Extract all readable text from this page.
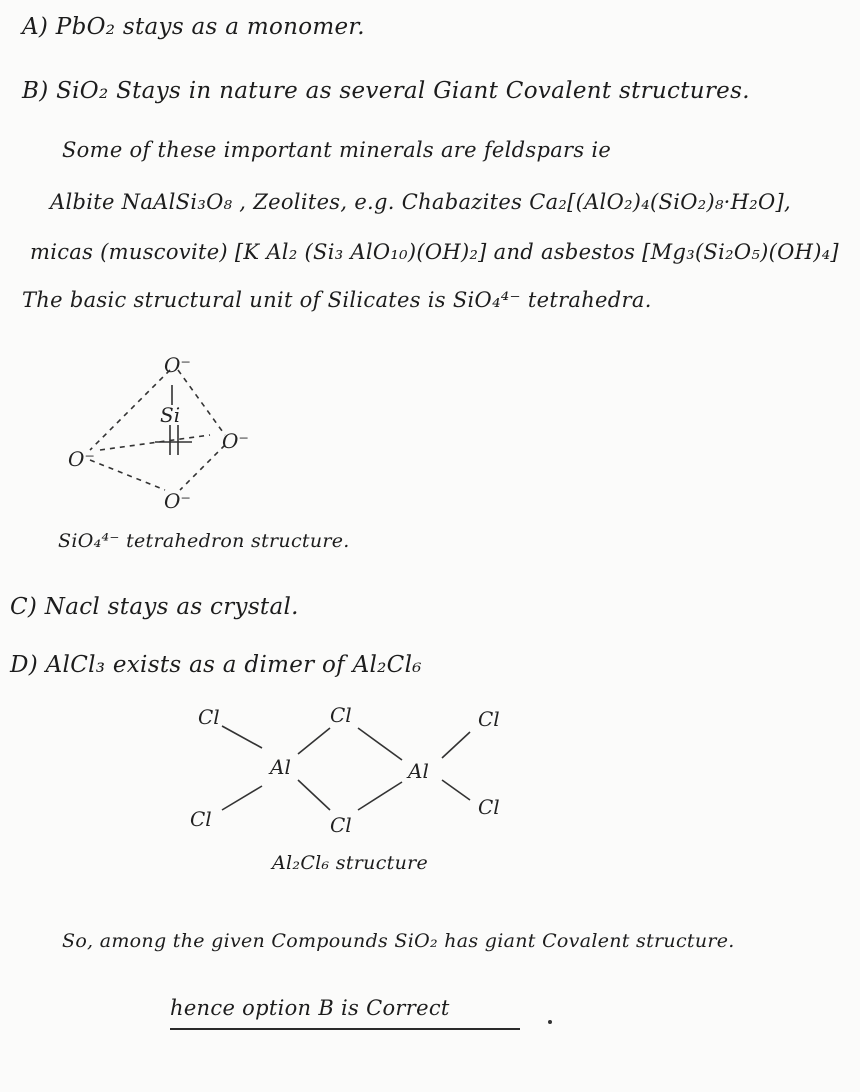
A) PbO₂ stays as a monomer.
B) SiO₂ Stays in nature as several Giant Covalent structures.
Some of these important minerals are feldspars ie
Albite NaAlSi₃O₈ , Zeolites, e.g. Chabazites Ca₂[(AlO₂)₄(SiO₂)₈·H₂O],
micas (muscovite) [K Al₂ (Si₃ AlO₁₀)(OH)₂] and asbestos [Mg₃(Si₂O₅)(OH)₄]
The basic structural unit of Silicates is SiO₄⁴⁻ tetrahedra.
O⁻
Si
O⁻
O⁻
O⁻
SiO₄⁴⁻ tetrahedron structure.
C) Nacl stays as crystal.
D) AlCl₃ exists as a dimer of Al₂Cl₆
Cl
Cl
Al
Cl
Cl
Al
Cl
Cl
Al₂Cl₆ structure
So, among the given Compounds SiO₂ has giant Covalent structure.
hence option B is Correct
